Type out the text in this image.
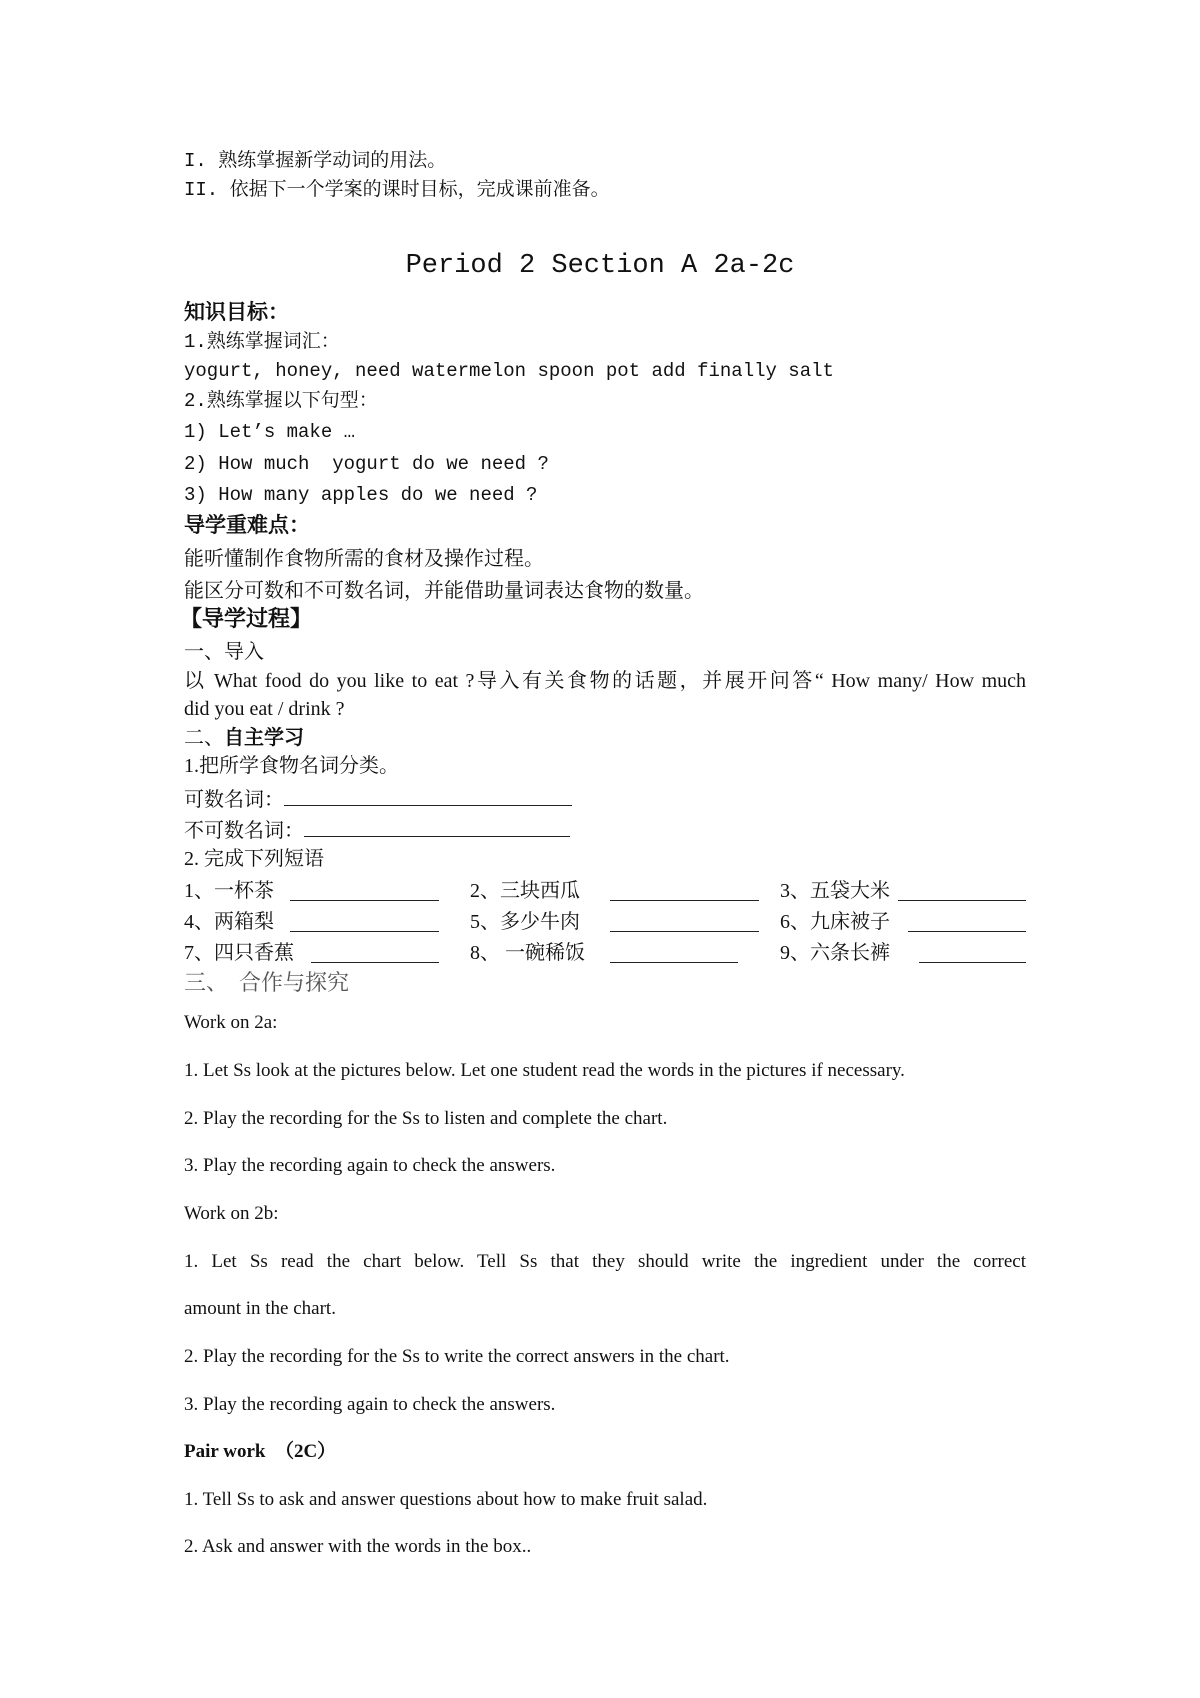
I. 熟练掌握新学动词的用法。
II. 依据下一个学案的课时目标，完成课前准备。
Period 2 Section A 2a-2c
知识目标：
1.熟练掌握词汇：
yogurt, honey, need watermelon spoon pot add finally salt
2.熟练掌握以下句型：
1) Let’s make …
2) How much  yogurt do we need ?
3) How many apples do we need ?
导学重难点：
能听懂制作食物所需的食材及操作过程。
能区分可数和不可数名词，并能借助量词表达食物的数量。
【导学过程】
一、导入
以 What food do you like to eat ?导入有关食物的话题，并展开问答“ How many/ How much
did you eat / drink ?
二、自主学习
1.把所学食物名词分类。
可数名词：
不可数名词：
2. 完成下列短语
1、一杯茶	2、三块西瓜	3、五袋大米
4、两箱梨	5、多少牛肉	6、九床被子
7、四只香蕉	8、 一碗稀饭	9、六条长裤
三、  合作与探究
Work on 2a:
1. Let Ss look at the pictures below. Let one student read the words in the pictures if necessary.
2. Play the recording for the Ss to listen and complete the chart.
3. Play the recording again to check the answers.
Work on 2b:
1. Let Ss read the chart below. Tell Ss that they should write the ingredient under the correct
amount in the chart.
2. Play the recording for the Ss to write the correct answers in the chart.
3. Play the recording again to check the answers.
Pair work  （2C）
1. Tell Ss to ask and answer questions about how to make fruit salad.
2. Ask and answer with the words in the box..
